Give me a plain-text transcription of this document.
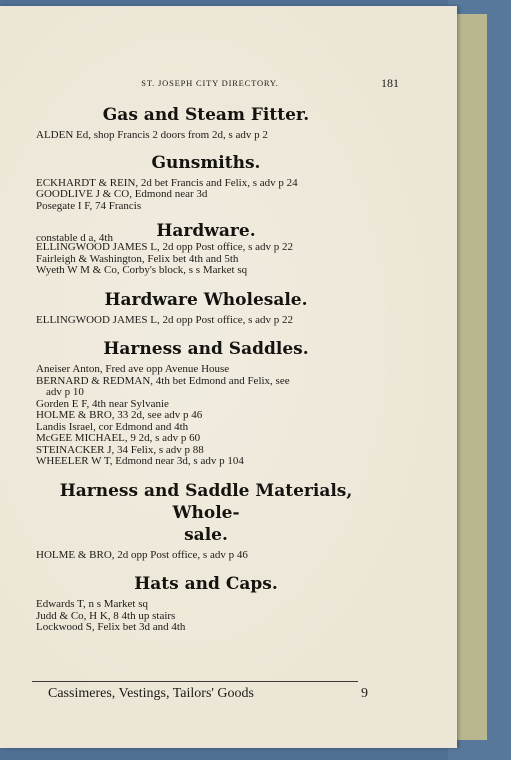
ST. JOSEPH CITY DIRECTORY.	181
Gas and Steam Fitter.
ALDEN Ed, shop Francis 2 doors from 2d, s adv p 2
Gunsmiths.
ECKHARDT & REIN, 2d bet Francis and Felix, s adv p 24
GOODLIVE J & CO, Edmond near 3d
Posegate I F, 74 Francis
constable d a, 4th	Hardware.
ELLINGWOOD JAMES L, 2d opp Post office, s adv p 22
Fairleigh & Washington, Felix bet 4th and 5th
Wyeth W M & Co, Corby's block, s s Market sq
Hardware Wholesale.
ELLINGWOOD JAMES L, 2d opp Post office, s adv p 22
Harness and Saddles.
Aneiser Anton, Fred ave opp Avenue House
BERNARD & REDMAN, 4th bet Edmond and Felix, see
adv p 10
Gorden E F, 4th near Sylvanie
HOLME & BRO, 33 2d, see adv p 46
Landis Israel, cor Edmond and 4th
McGEE MICHAEL, 9 2d, s adv p 60
STEINACKER J, 34 Felix, s adv p 88
WHEELER W T, Edmond near 3d, s adv p 104
Harness and Saddle Materials, Whole-
sale.
HOLME & BRO, 2d opp Post office, s adv p 46
Hats and Caps.
Edwards T, n s Market sq
Judd & Co, H K, 8 4th up stairs
Lockwood S, Felix bet 3d and 4th
Cassimeres, Vestings, Tailors' Goods	9
